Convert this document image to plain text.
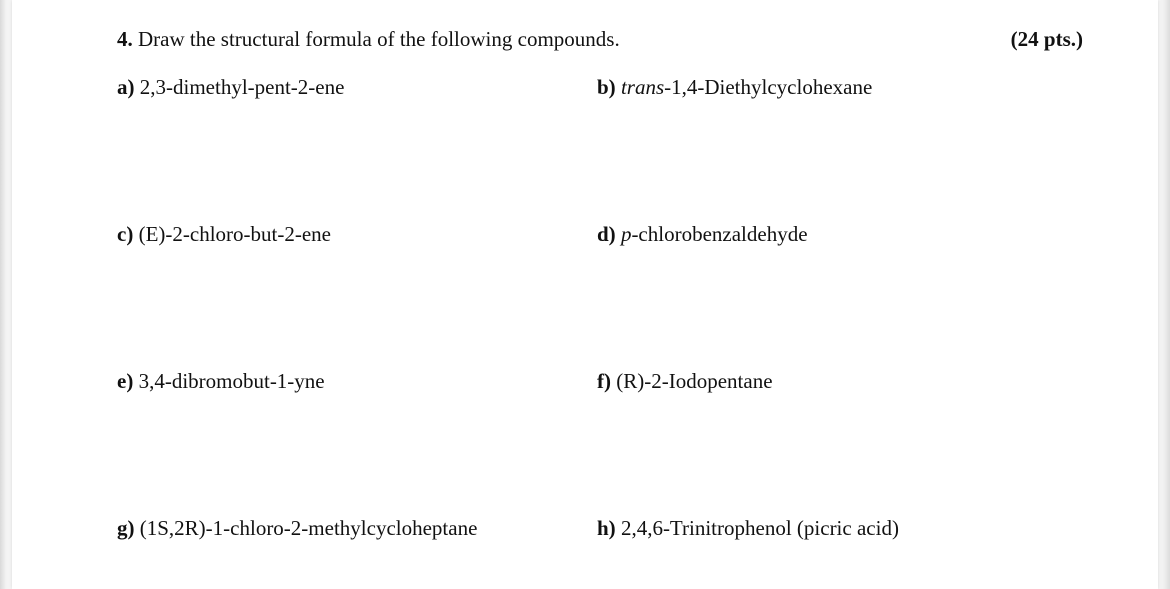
4. Draw the structural formula of the following compounds.	(24 pts.)
a) 2,3-dimethyl-pent-2-ene	b) trans-1,4-Diethylcyclohexane
c) (E)-2-chloro-but-2-ene	d) p-chlorobenzaldehyde
e) 3,4-dibromobut-1-yne	f) (R)-2-Iodopentane
g) (1S,2R)-1-chloro-2-methylcycloheptane	h) 2,4,6-Trinitrophenol (picric acid)
